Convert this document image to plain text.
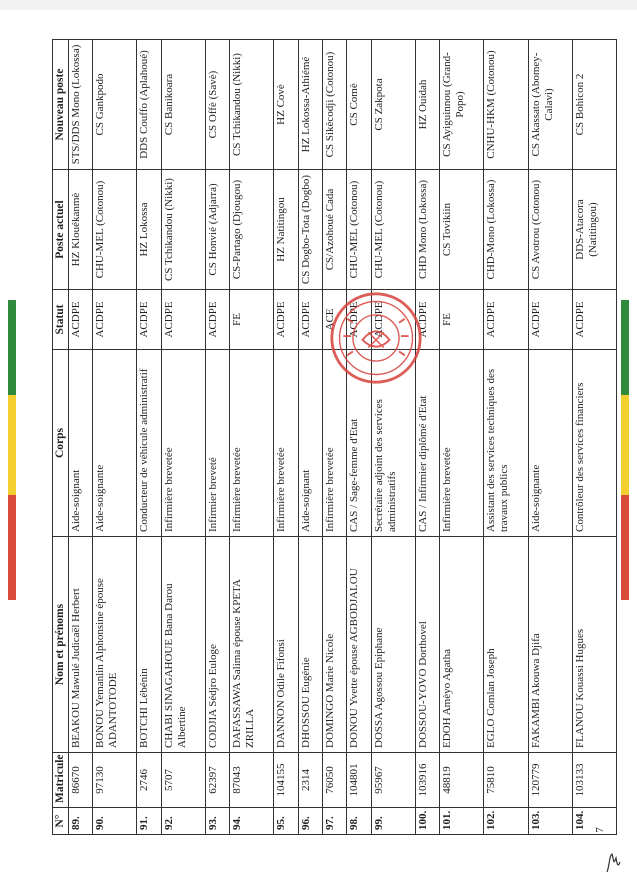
N°	Matricule	Nom et prénoms	Corps	Statut	Poste actuel	Nouveau poste
89.	86670	BEAKOU Mawulé Judicaël Herbert	Aide-soignant	ACDPE	HZ Klouékanmè	STS/DDS Mono (Lokossa)
90.	97130	BONOU Yemanlin Alphonsine épouse ADANTOTODE	Aide-soignante	ACDPE	CHU-MEL (Cotonou)	CS Gankpodo
91.	2746	BOTCHI Lébénin	Conducteur de véhicule administratif	ACDPE	HZ Lokossa	DDS Couffo (Aplahoué)
92.	5707	CHABI SINAGAHOUE Bana Darou Albertine	Infirmière brevetée	ACDPE	CS Tchikandou (Nikki)	CS Banikoara
93.	62397	CODJIA Sédjro Euloge	Infirmier breveté	ACDPE	CS Honvié (Adjarra)	CS Offè (Savè)
94.	87043	DAFASSAWA Salima épouse KPETA ZRILLA	Infirmière brevetée	FE	CS-Partago (Djougou)	CS Tchikandou (Nikki)
95.	104155	DANNON Odile Fifonsi	Infirmière brevetée	ACDPE	HZ Natitingou	HZ Covè
96.	2314	DHOSSOU Eugénie	Aide-soignant	ACDPE	CS Dogbo-Tota (Dogbo)	HZ Lokossa-Athiémé
97.	76050	DOMINGO Marie Nicole	Infirmière brevetée	ACE	CS/Azohoué Cada	CS Sikècodji (Cotonou)
98.	104801	DONOU Yvette épouse AGBODJALOU	CAS / Sage-femme d'Etat	ACDPE	CHU-MEL (Cotonou)	CS Comè
99.	95967	DOSSA Agossou Epiphane	Secrétaire adjoint des services administratifs	ACDPE	CHU-MEL (Cotonou)	CS Zakpota
100.	103916	DOSSOU-YOVO Dorthovel	CAS / Infirmier diplômé d'Etat	ACDPE	CHD Mono (Lokossa)	HZ Ouidah
101.	48819	EDOH Amèyo Agatha	Infirmière brevetée	FE	CS Tovikiin	CS Ayiguinnou (Grand-Popo)
102.	75810	EGLO Comlan Joseph	Assistant des services techniques des travaux publics	ACDPE	CHD-Mono (Lokossa)	CNHU-HKM (Cotonou)
103.	120779	FAKAMBI Akouwa Djifa	Aide-soignante	ACDPE	CS Avotrou (Cotonou)	CS Akassato (Abomey-Calavi)
104.	103133	FLANOU Kouassi Hugues	Contrôleur des services financiers	ACDPE	DDS-Atacora (Natitingou)	CS Bohicon 2
7
